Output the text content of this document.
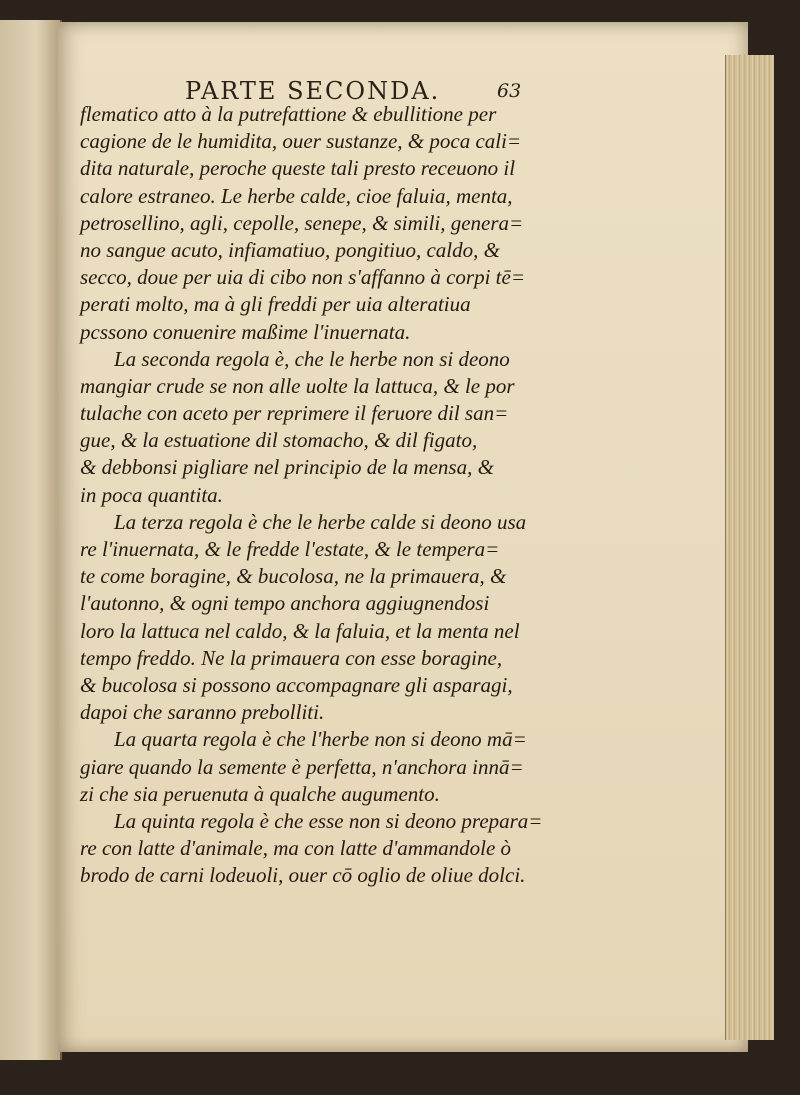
PARTE SECONDA.	63
flematico atto à la putrefattione & ebullitione per
cagione de le humidita, ouer sustanze, & poca cali=
dita naturale, peroche queste tali presto receuono il
calore estraneo. Le herbe calde, cioe faluia, menta,
petrosellino, agli, cepolle, senepe, & simili, genera=
no sangue acuto, infiamatiuo, pongitiuo, caldo, &
secco, doue per uia di cibo non s'affanno à corpi tē=
perati molto, ma à gli freddi per uia alteratiua
pcssono conuenire maßime l'inuernata.
La seconda regola è, che le herbe non si deono
mangiar crude se non alle uolte la lattuca, & le por
tulache con aceto per reprimere il feruore dil san=
gue, & la estuatione dil stomacho, & dil figato,
& debbonsi pigliare nel principio de la mensa, &
in poca quantita.
La terza regola è che le herbe calde si deono usa
re l'inuernata, & le fredde l'estate, & le tempera=
te come boragine, & bucolosa, ne la primauera, &
l'autonno, & ogni tempo anchora aggiugnendosi
loro la lattuca nel caldo, & la faluia, et la menta nel
tempo freddo. Ne la primauera con esse boragine,
& bucolosa si possono accompagnare gli asparagi,
dapoi che saranno prebolliti.
La quarta regola è che l'herbe non si deono mā=
giare quando la semente è perfetta, n'anchora innā=
zi che sia peruenuta à qualche augumento.
La quinta regola è che esse non si deono prepara=
re con latte d'animale, ma con latte d'ammandole ò
brodo de carni lodeuoli, ouer cō oglio de oliue dolci.
